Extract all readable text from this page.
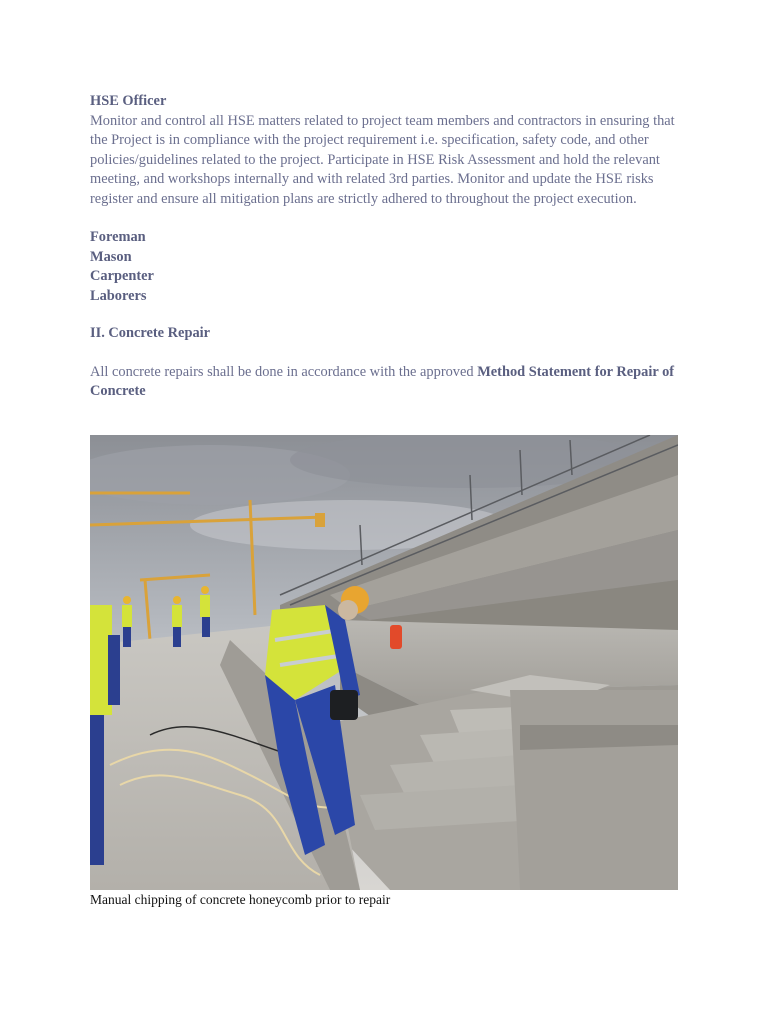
HSE Officer

Monitor and control all HSE matters related to project team members and contractors in ensuring that the Project is in compliance with the project requirement i.e. specification, safety code, and other policies/guidelines related to the project. Participate in HSE Risk Assessment and hold the relevant meeting, and workshops internally and with related 3rd parties. Monitor and update the HSE risks register and ensure all mitigation plans are strictly adhered to throughout the project execution.

Foreman
Mason
Carpenter
Laborers
II. Concrete Repair

All concrete repairs shall be done in accordance with the approved Method Statement for Repair of Concrete

Manual chipping of concrete honeycomb prior to repair
